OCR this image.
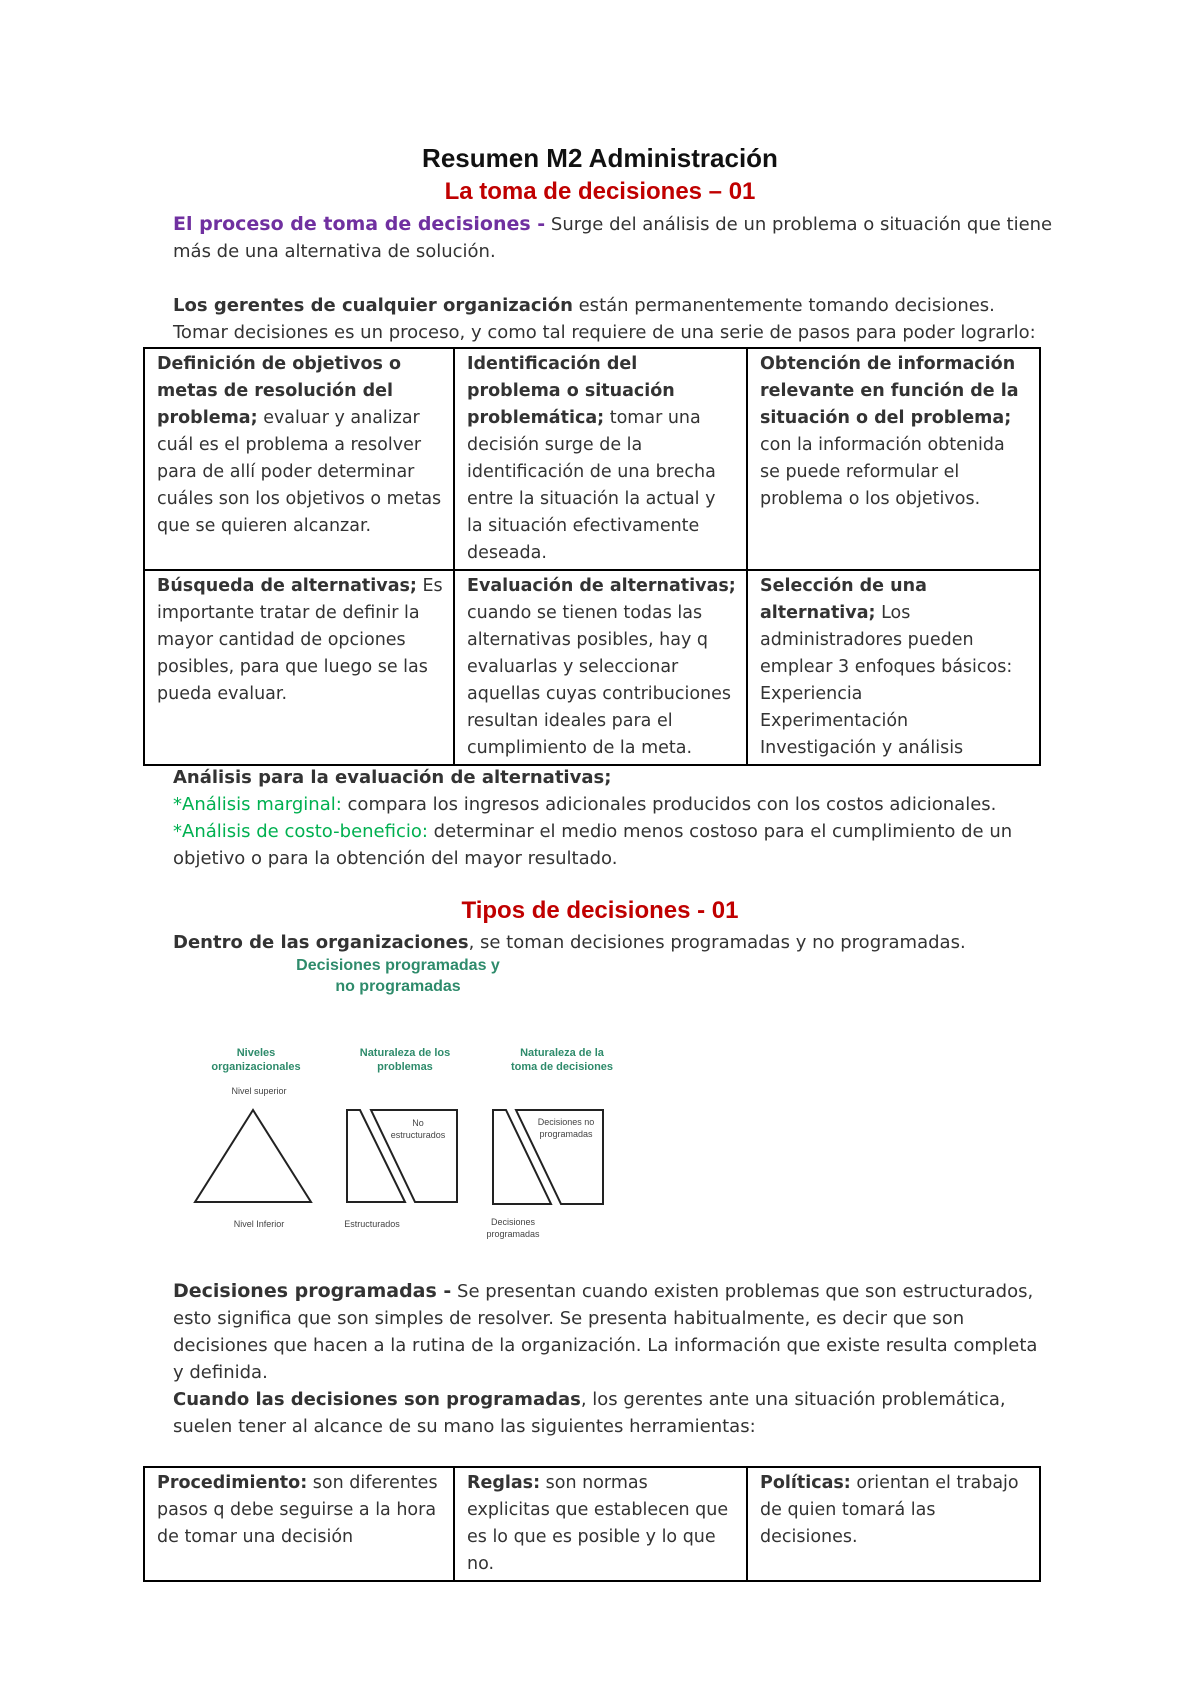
Resumen M2 Administración
La toma de decisiones – 01
El proceso de toma de decisiones - Surge del análisis de un problema o situación que tiene más de una alternativa de solución.
Los gerentes de cualquier organización están permanentemente tomando decisiones. Tomar decisiones es un proceso, y como tal requiere de una serie de pasos para poder lograrlo:
Definición de objetivos o metas de resolución del problema; evaluar y analizar cuál es el problema a resolver para de allí poder determinar cuáles son los objetivos o metas que se quieren alcanzar.	Identificación del problema o situación problemática; tomar una decisión surge de la identificación de una brecha entre la situación la actual y la situación efectivamente deseada.	Obtención de información relevante en función de la situación o del problema; con la información obtenida se puede reformular el problema o los objetivos.
Búsqueda de alternativas; Es importante tratar de definir la mayor cantidad de opciones posibles, para que luego se las pueda evaluar.	Evaluación de alternativas; cuando se tienen todas las alternativas posibles, hay q evaluarlas y seleccionar aquellas cuyas contribuciones resultan ideales para el cumplimiento de la meta.	Selección de una alternativa; Los administradores pueden emplear 3 enfoques básicos:
Experiencia
Experimentación
Investigación y análisis
Análisis para la evaluación de alternativas;
*Análisis marginal: compara los ingresos adicionales producidos con los costos adicionales.
*Análisis de costo-beneficio: determinar el medio menos costoso para el cumplimiento de un objetivo o para la obtención del mayor resultado.
Tipos de decisiones - 01
Dentro de las organizaciones, se toman decisiones programadas y no programadas.
Decisiones programadas y
no programadas
Niveles
organizacionales
Nivel superior
Nivel Inferior
Naturaleza de los
problemas
No
estructurados
Estructurados
Naturaleza de la
toma de decisiones
Decisiones no
programadas
Decisiones
programadas
Decisiones programadas - Se presentan cuando existen problemas que son estructurados, esto significa que son simples de resolver. Se presenta habitualmente, es decir que son decisiones que hacen a la rutina de la organización. La información que existe resulta completa y definida.
Cuando las decisiones son programadas, los gerentes ante una situación problemática, suelen tener al alcance de su mano las siguientes herramientas:
Procedimiento: son diferentes pasos q debe seguirse a la hora de tomar una decisión	Reglas: son normas explicitas que establecen que es lo que es posible y lo que no.	Políticas: orientan el trabajo de quien tomará las decisiones.
